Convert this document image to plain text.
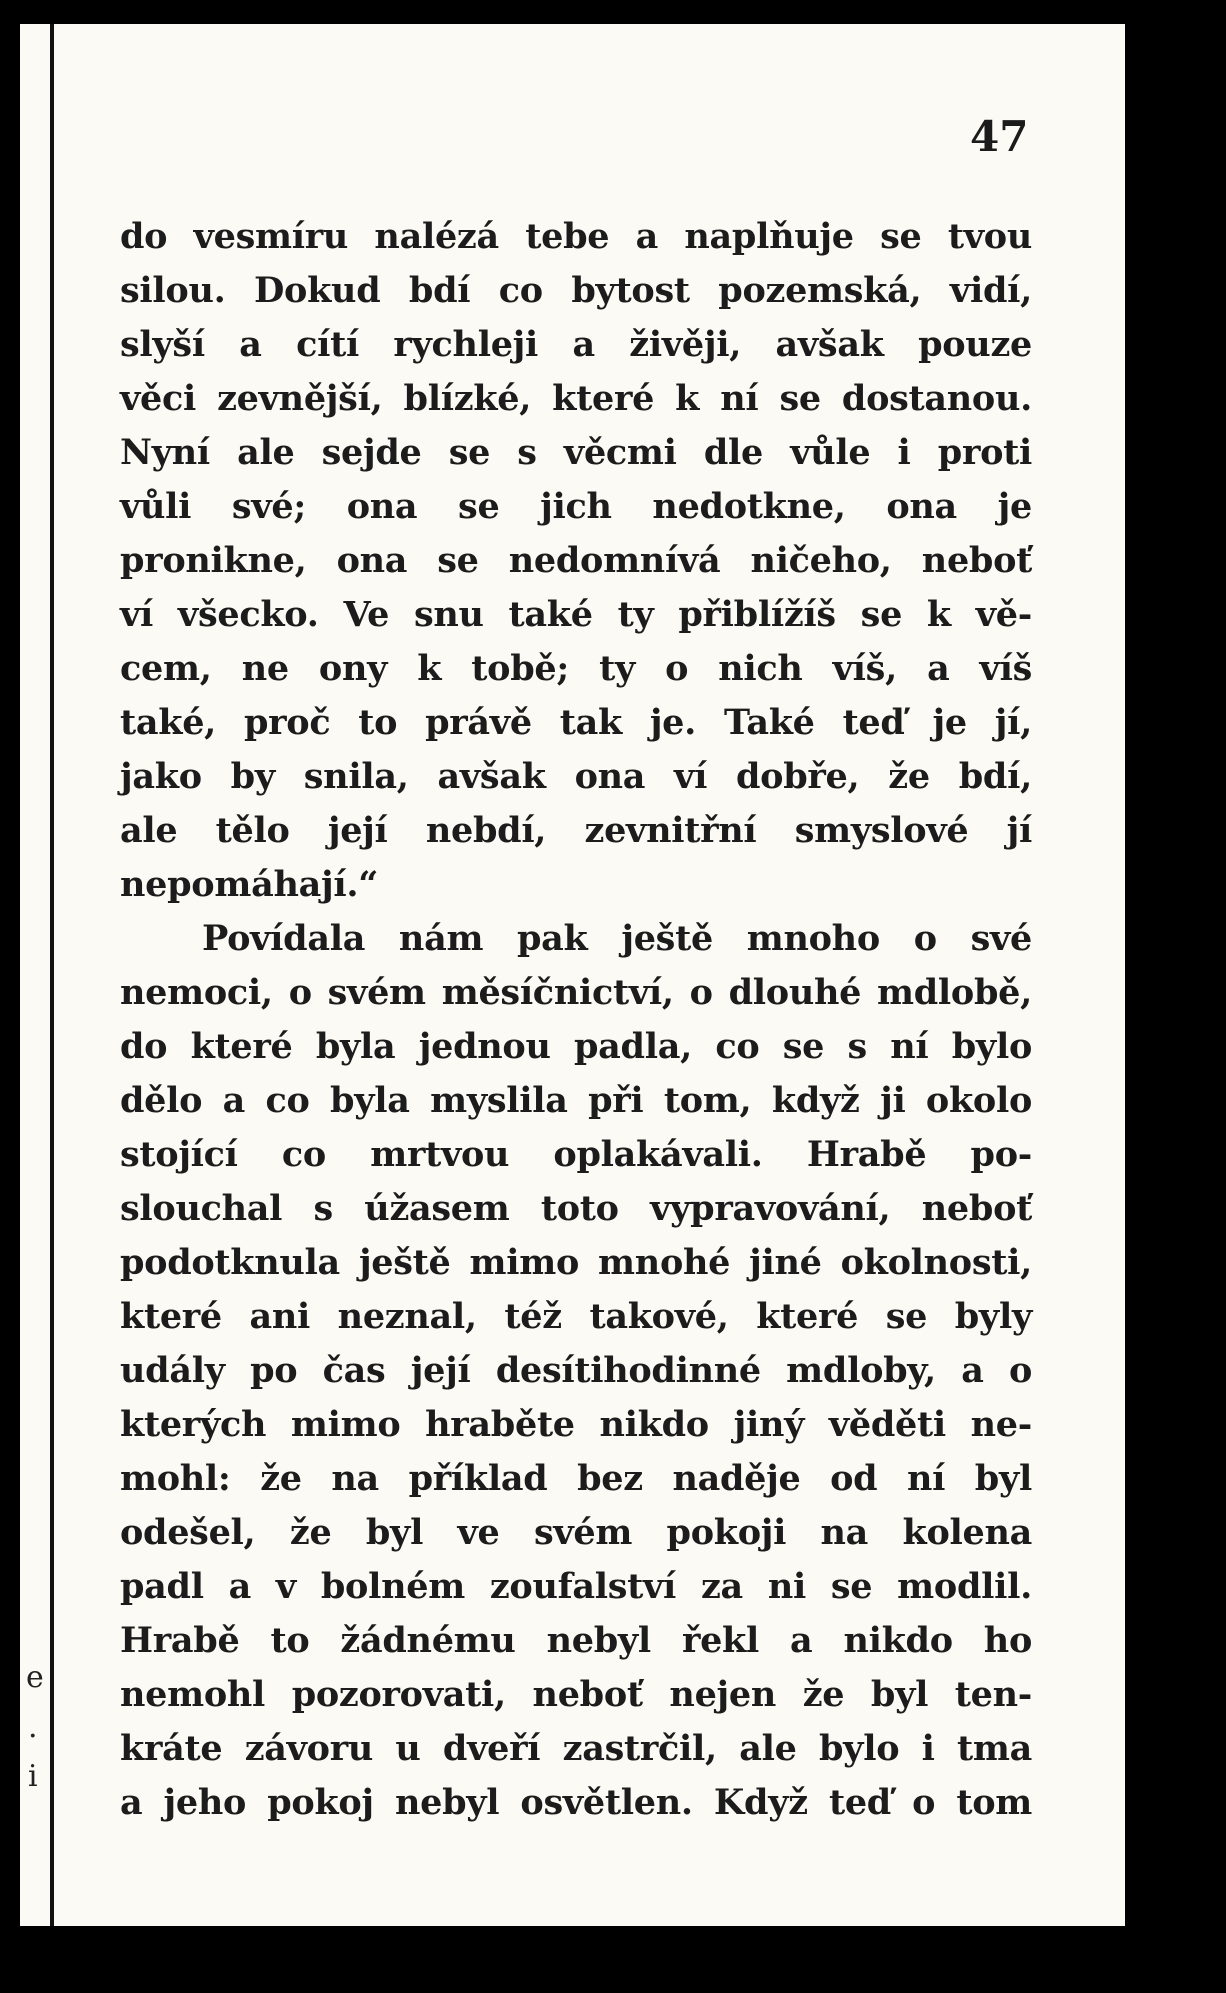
47
do vesmíru nalézá tebe a naplňuje se tvou
silou. Dokud bdí co bytost pozemská, vidí,
slyší a cítí rychleji a živěji, avšak pouze
věci zevnější, blízké, které k ní se dostanou.
Nyní ale sejde se s věcmi dle vůle i proti
vůli své; ona se jich nedotkne, ona je
pronikne, ona se nedomnívá ničeho, neboť
ví všecko. Ve snu také ty přiblížíš se k vě-
cem, ne ony k tobě; ty o nich víš, a víš
také, proč to právě tak je. Také teď je jí,
jako by snila, avšak ona ví dobře, že bdí,
ale tělo její nebdí, zevnitřní smyslové jí
nepomáhají.“
Povídala nám pak ještě mnoho o své
nemoci, o svém měsíčnictví, o dlouhé mdlobě,
do které byla jednou padla, co se s ní bylo
dělo a co byla myslila při tom, když ji okolo
stojící co mrtvou oplakávali. Hrabě po-
slouchal s úžasem toto vypravování, neboť
podotknula ještě mimo mnohé jiné okolnosti,
které ani neznal, též takové, které se byly
udály po čas její desítihodinné mdloby, a o
kterých mimo hraběte nikdo jiný věděti ne-
mohl: že na příklad bez naděje od ní byl
odešel, že byl ve svém pokoji na kolena
padl a v bolném zoufalství za ni se modlil.
Hrabě to žádnému nebyl řekl a nikdo ho
nemohl pozorovati, neboť nejen že byl ten-
kráte závoru u dveří zastrčil, ale bylo i tma
a jeho pokoj nebyl osvětlen. Když teď o tom
e
.
i
